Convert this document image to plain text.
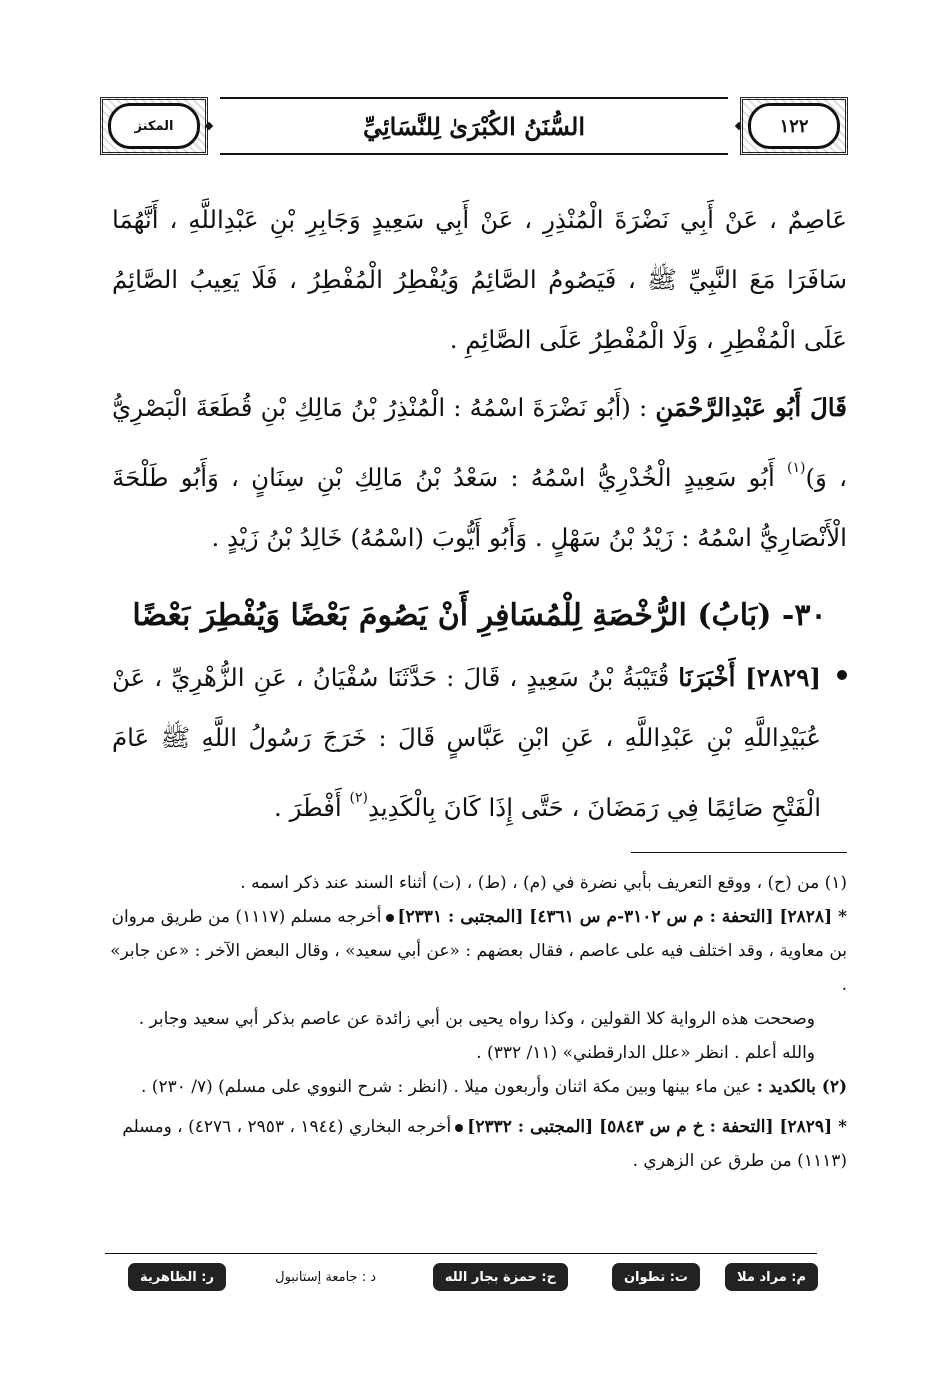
المكنز	السُّنَنُ الكُبْرَىٰ لِلنَّسَائِيِّ	١٢٢

عَاصِمٌ ، عَنْ أَبِي نَضْرَةَ الْمُنْذِرِ ، عَنْ أَبِي سَعِيدٍ وَجَابِرِ بْنِ عَبْدِاللَّهِ ، أَنَّهُمَا سَافَرَا مَعَ النَّبِيِّ ﷺ ، فَيَصُومُ الصَّائِمُ وَيُفْطِرُ الْمُفْطِرُ ، فَلَا يَعِيبُ الصَّائِمُ عَلَى الْمُفْطِرِ ، وَلَا الْمُفْطِرُ عَلَى الصَّائِمِ .

قَالَ أَبُو عَبْدِالرَّحْمَنِ : (أَبُو نَضْرَةَ اسْمُهُ : الْمُنْذِرُ بْنُ مَالِكِ بْنِ قُطَعَةَ الْبَصْرِيُّ ، وَ)$^{(١)}$ أَبُو سَعِيدٍ الْخُدْرِيُّ اسْمُهُ : سَعْدُ بْنُ مَالِكِ بْنِ سِنَانٍ ، وَأَبُو طَلْحَةَ الْأَنْصَارِيُّ اسْمُهُ : زَيْدُ بْنُ سَهْلٍ . وَأَبُو أَيُّوبَ (اسْمُهُ) خَالِدُ بْنُ زَيْدٍ .

٣٠- (بَابُ) الرُّخْصَةِ لِلْمُسَافِرِ أَنْ يَصُومَ بَعْضًا وَيُفْطِرَ بَعْضًا

[٢٨٢٩] أَخْبَرَنَا قُتَيْبَةُ بْنُ سَعِيدٍ ، قَالَ : حَدَّثَنَا سُفْيَانُ ، عَنِ الزُّهْرِيِّ ، عَنْ عُبَيْدِاللَّهِ بْنِ عَبْدِاللَّهِ ، عَنِ ابْنِ عَبَّاسٍ قَالَ : خَرَجَ رَسُولُ اللَّهِ ﷺ عَامَ الْفَتْحِ صَائِمًا فِي رَمَضَانَ ، حَتَّى إِذَا كَانَ بِالْكَدِيدِ$^{(٢)}$ أَفْطَرَ .

(١) من (ح) ، ووقع التعريف بأبي نضرة في (م) ، (ط) ، (ت) أثناء السند عند ذكر اسمه .

*[٢٨٢٨] [التحفة : م س ٣١٠٢-م س ٤٣٦١] [المجتبى : ٢٣٣١]أخرجه مسلم (١١١٧) من طريق مروان بن معاوية ، وقد اختلف فيه على عاصم ، فقال بعضهم : «عن أبي سعيد» ، وقال البعض الآخر : «عن جابر» .

وصححت هذه الرواية كلا القولين ، وكذا رواه يحيى بن أبي زائدة عن عاصم بذكر أبي سعيد وجابر . والله أعلم . انظر «علل الدارقطني» (١١/ ٣٣٢) .

(٢) بالكديد : عين ماء بينها وبين مكة اثنان وأربعون ميلا . (انظر : شرح النووي على مسلم) (٧/ ٢٣٠) .

*[٢٨٢٩] [التحفة : خ م س ٥٨٤٣] [المجتبى : ٢٣٣٢]أخرجه البخاري (١٩٤٤ ، ٢٩٥٣ ، ٤٢٧٦) ، ومسلم (١١١٣) من طرق عن الزهري .

م: مراد ملا
ت: تطوان
ح: حمزة بجار الله
د : جامعة إستانبول
ر: الظاهرية
